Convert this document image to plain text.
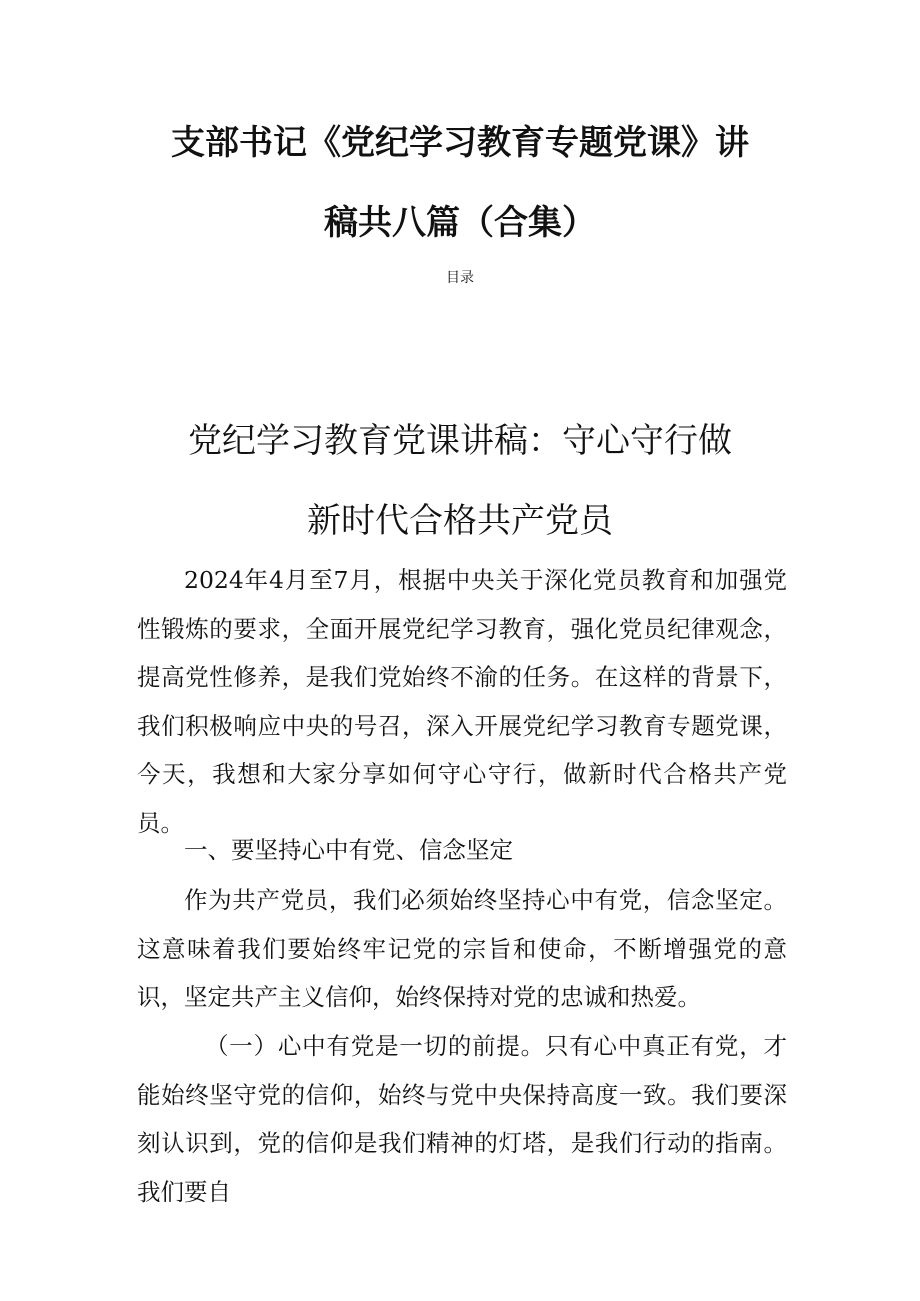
支部书记《党纪学习教育专题党课》讲
稿共八篇（合集）

目录

党纪学习教育党课讲稿：守心守行做
新时代合格共产党员

2024年4月至7月，根据中央关于深化党员教育和加强党性锻炼的要求，全面开展党纪学习教育，强化党员纪律观念，提高党性修养，是我们党始终不渝的任务。在这样的背景下，我们积极响应中央的号召，深入开展党纪学习教育专题党课，今天，我想和大家分享如何守心守行，做新时代合格共产党员。

一、要坚持心中有党、信念坚定

作为共产党员，我们必须始终坚持心中有党，信念坚定。这意味着我们要始终牢记党的宗旨和使命，不断增强党的意识，坚定共产主义信仰，始终保持对党的忠诚和热爱。

（一）心中有党是一切的前提。只有心中真正有党，才能始终坚守党的信仰，始终与党中央保持高度一致。我们要深刻认识到，党的信仰是我们精神的灯塔，是我们行动的指南。我们要自
